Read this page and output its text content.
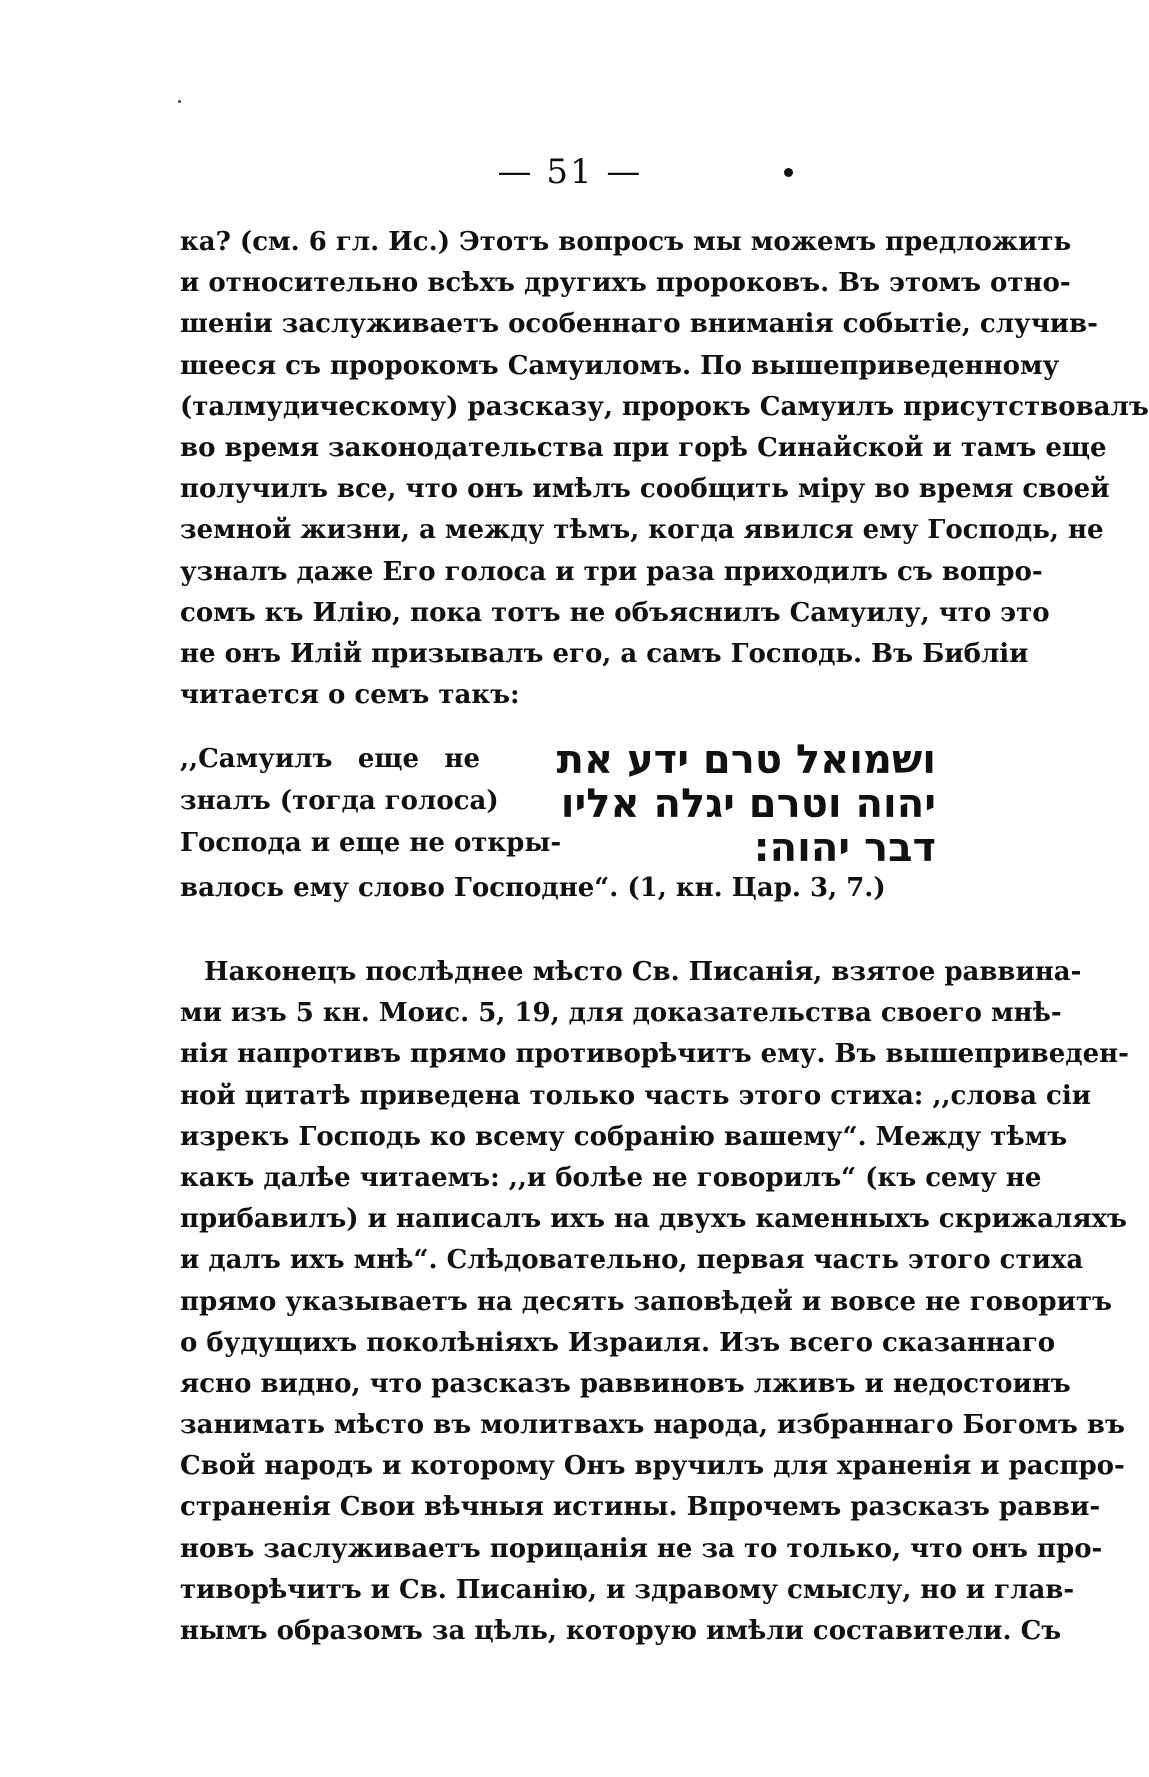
— 51 —
ка? (см. 6 гл. Ис.) Этотъ вопросъ мы можемъ предложить
и относительно всѣхъ другихъ пророковъ. Въ этомъ отно-
шеніи заслуживаетъ особеннаго вниманія событіе, случив-
шееся съ пророкомъ Самуиломъ. По вышеприведенному
(талмудическому) разсказу, пророкъ Самуилъ присутствовалъ
во время законодательства при горѣ Синайской и тамъ еще
получилъ все, что онъ имѣлъ сообщить міру во время своей
земной жизни, а между тѣмъ, когда явился ему Господь, не
узналъ даже Его голоса и три раза приходилъ съ вопро-
сомъ къ Илію, пока тотъ не объяснилъ Самуилу, что это
не онъ Илій призывалъ его, а самъ Господь. Въ Библіи
читается о семъ такъ:
,,Самуилъ еще не
зналъ (тогда голоса)
Господа и еще не откры-
ושמואל טרם ידע את
יהוה וטרם יגלה אליו
דבר יהוה:
валось ему слово Господне“. (1, кн. Цар. 3, 7.)
Наконецъ послѣднее мѣсто Св. Писанія, взятое раввина-
ми изъ 5 кн. Моис. 5, 19, для доказательства своего мнѣ-
нія напротивъ прямо противорѣчитъ ему. Въ вышеприведен-
ной цитатѣ приведена только часть этого стиха: ,,слова сіи
изрекъ Господь ко всему собранію вашему“. Между тѣмъ
какъ далѣе читаемъ: ,,и болѣе не говорилъ“ (къ сему не
прибавилъ) и написалъ ихъ на двухъ каменныхъ скрижаляхъ
и далъ ихъ мнѣ“. Слѣдовательно, первая часть этого стиха
прямо указываетъ на десять заповѣдей и вовсе не говоритъ
о будущихъ поколѣніяхъ Израиля. Изъ всего сказаннаго
ясно видно, что разсказъ раввиновъ лживъ и недостоинъ
занимать мѣсто въ молитвахъ народа, избраннаго Богомъ въ
Свой народъ и которому Онъ вручилъ для храненія и распро-
страненія Свои вѣчныя истины. Впрочемъ разсказъ равви-
новъ заслуживаетъ порицанія не за то только, что онъ про-
тиворѣчитъ и Св. Писанію, и здравому смыслу, но и глав-
нымъ образомъ за цѣль, которую имѣли составители. Съ
